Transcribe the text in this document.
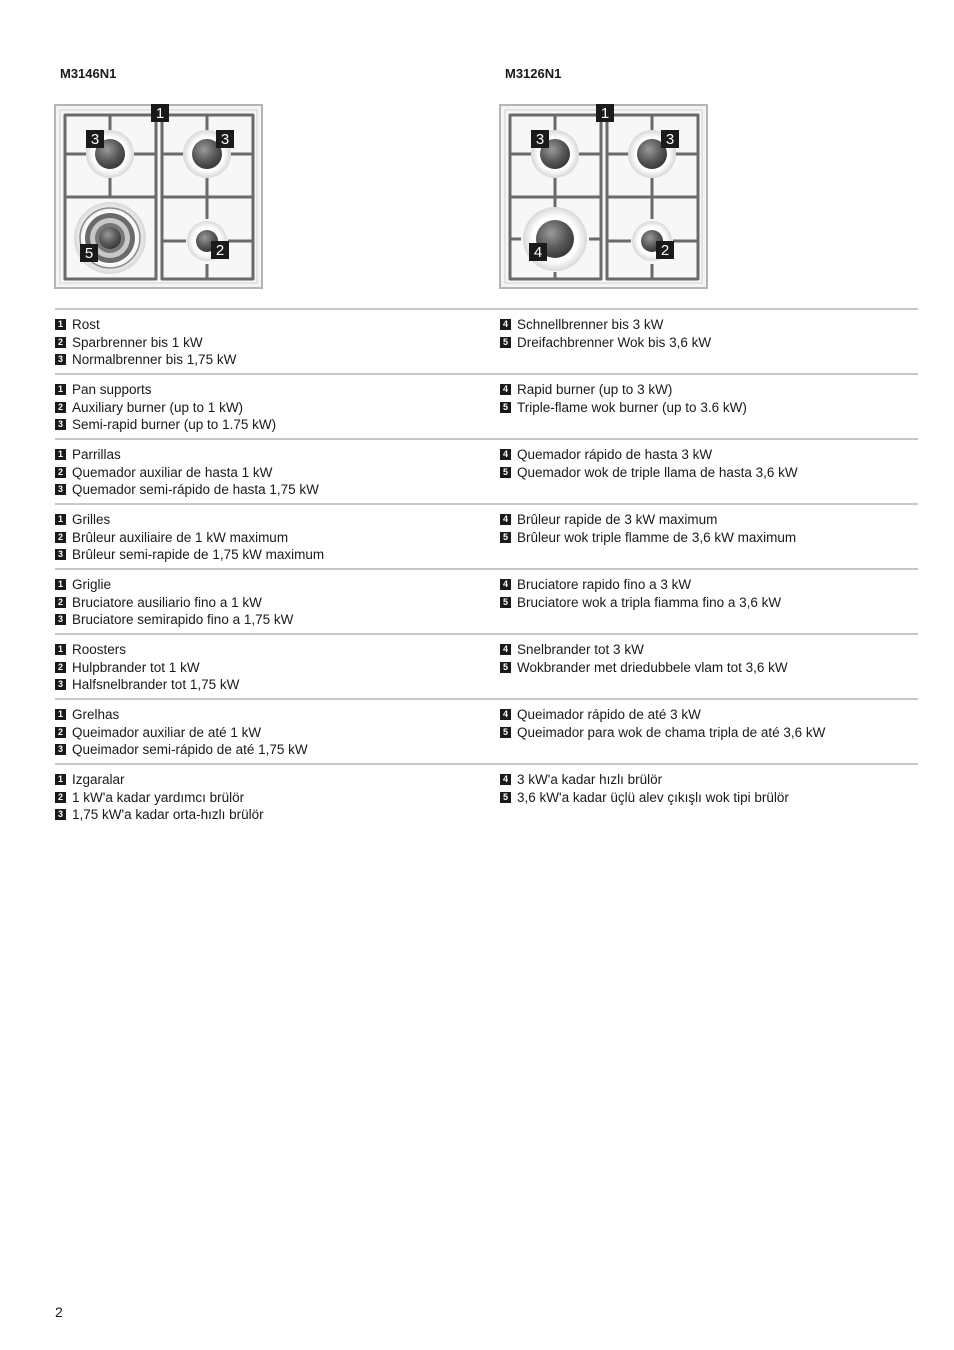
M3146N1	M3126N1
1
3	3
5	2
1
3	3
4	2
1 Rost
2 Sparbrenner bis 1 kW
3 Normalbrenner bis 1,75 kW
4 Schnellbrenner bis 3 kW
5 Dreifachbrenner Wok bis 3,6 kW
1 Pan supports
2 Auxiliary burner (up to 1 kW)
3 Semi-rapid burner (up to 1.75 kW)
4 Rapid burner (up to 3 kW)
5 Triple-flame wok burner (up to 3.6 kW)
1 Parrillas
2 Quemador auxiliar de hasta 1 kW
3 Quemador semi-rápido de hasta 1,75 kW
4 Quemador rápido de hasta 3 kW
5 Quemador wok de triple llama de hasta 3,6 kW
1 Grilles
2 Brûleur auxiliaire de 1 kW maximum
3 Brûleur semi-rapide de 1,75 kW maximum
4 Brûleur rapide de 3 kW maximum
5 Brûleur wok triple flamme de 3,6 kW maximum
1 Griglie
2 Bruciatore ausiliario fino a 1 kW
3 Bruciatore semirapido fino a 1,75 kW
4 Bruciatore rapido fino a 3 kW
5 Bruciatore wok a tripla fiamma fino a 3,6 kW
1 Roosters
2 Hulpbrander tot 1 kW
3 Halfsnelbrander tot 1,75 kW
4 Snelbrander tot 3 kW
5 Wokbrander met driedubbele vlam tot 3,6 kW
1 Grelhas
2 Queimador auxiliar de até 1 kW
3 Queimador semi-rápido de até 1,75 kW
4 Queimador rápido de até 3 kW
5 Queimador para wok de chama tripla de até 3,6 kW
1 Izgaralar
2 1 kW'a kadar yardımcı brülör
3 1,75 kW'a kadar orta-hızlı brülör
4 3 kW'a kadar hızlı brülör
5 3,6 kW'a kadar üçlü alev çıkışlı wok tipi brülör
2
